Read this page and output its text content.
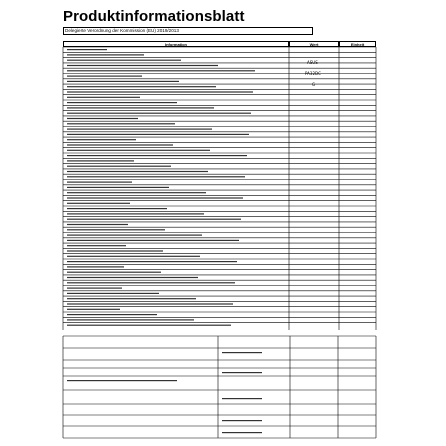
Produktinformationsblatt
Delegierte Verordnung der Kommission (EU) 2019/2013
Information	Wert	Einheit
ASUS
PA32DC
G
